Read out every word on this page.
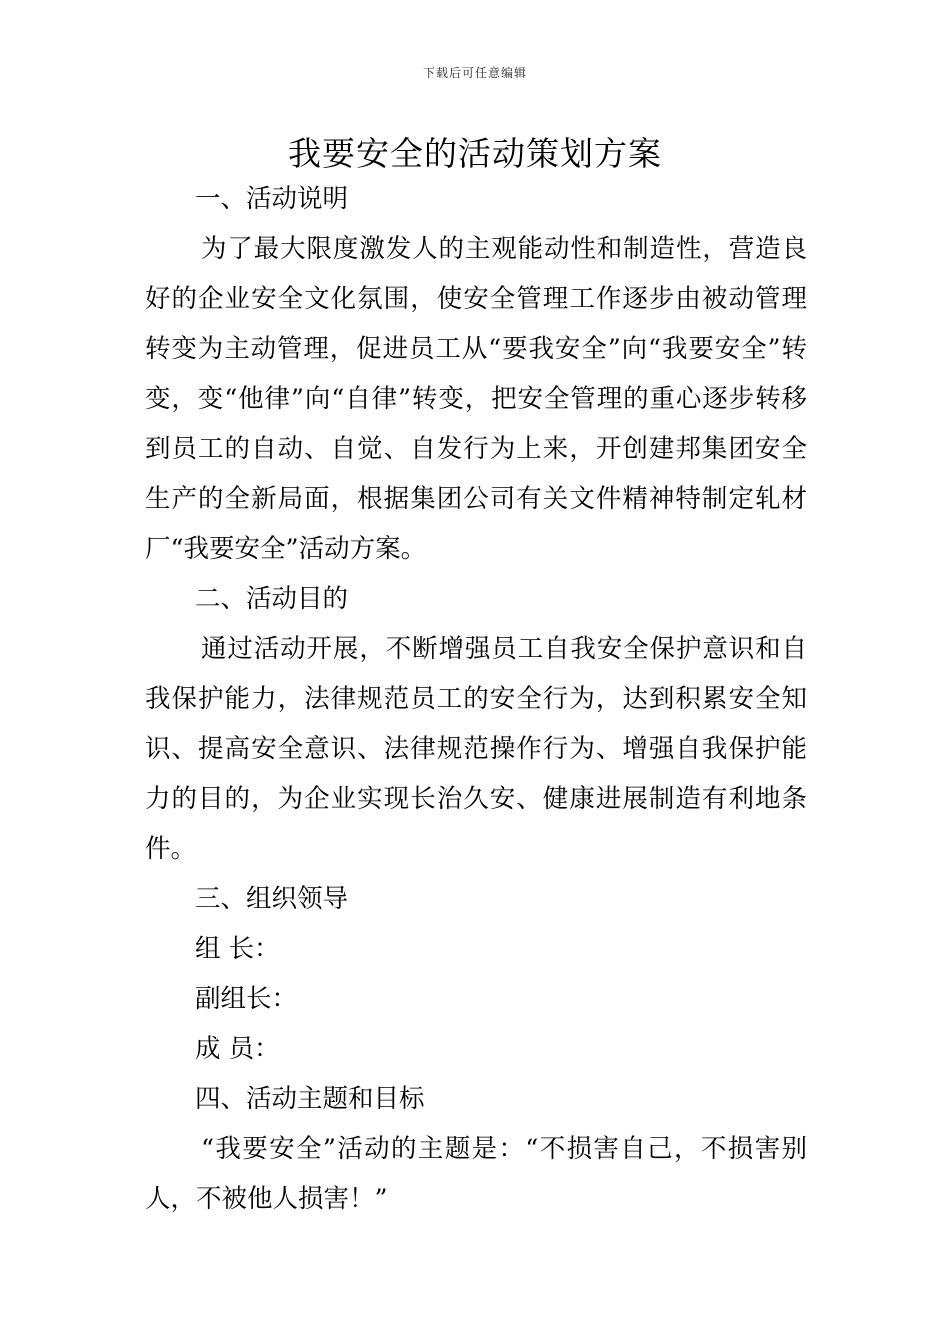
下载后可任意编辑
我要安全的活动策划方案

一、活动说明

为了最大限度激发人的主观能动性和制造性，营造良好的企业安全文化氛围，使安全管理工作逐步由被动管理转变为主动管理，促进员工从“要我安全”向“我要安全”转变，变“他律”向“自律”转变，把安全管理的重心逐步转移到员工的自动、自觉、自发行为上来，开创建邦集团安全生产的全新局面，根据集团公司有关文件精神特制定轧材厂“我要安全”活动方案。

二、活动目的

通过活动开展，不断增强员工自我安全保护意识和自我保护能力，法律规范员工的安全行为，达到积累安全知识、提高安全意识、法律规范操作行为、增强自我保护能力的目的，为企业实现长治久安、健康进展制造有利地条件。

三、组织领导

组 长：

副组长：

成 员：

四、活动主题和目标

“我要安全”活动的主题是：“不损害自己，不损害别人，不被他人损害！”
